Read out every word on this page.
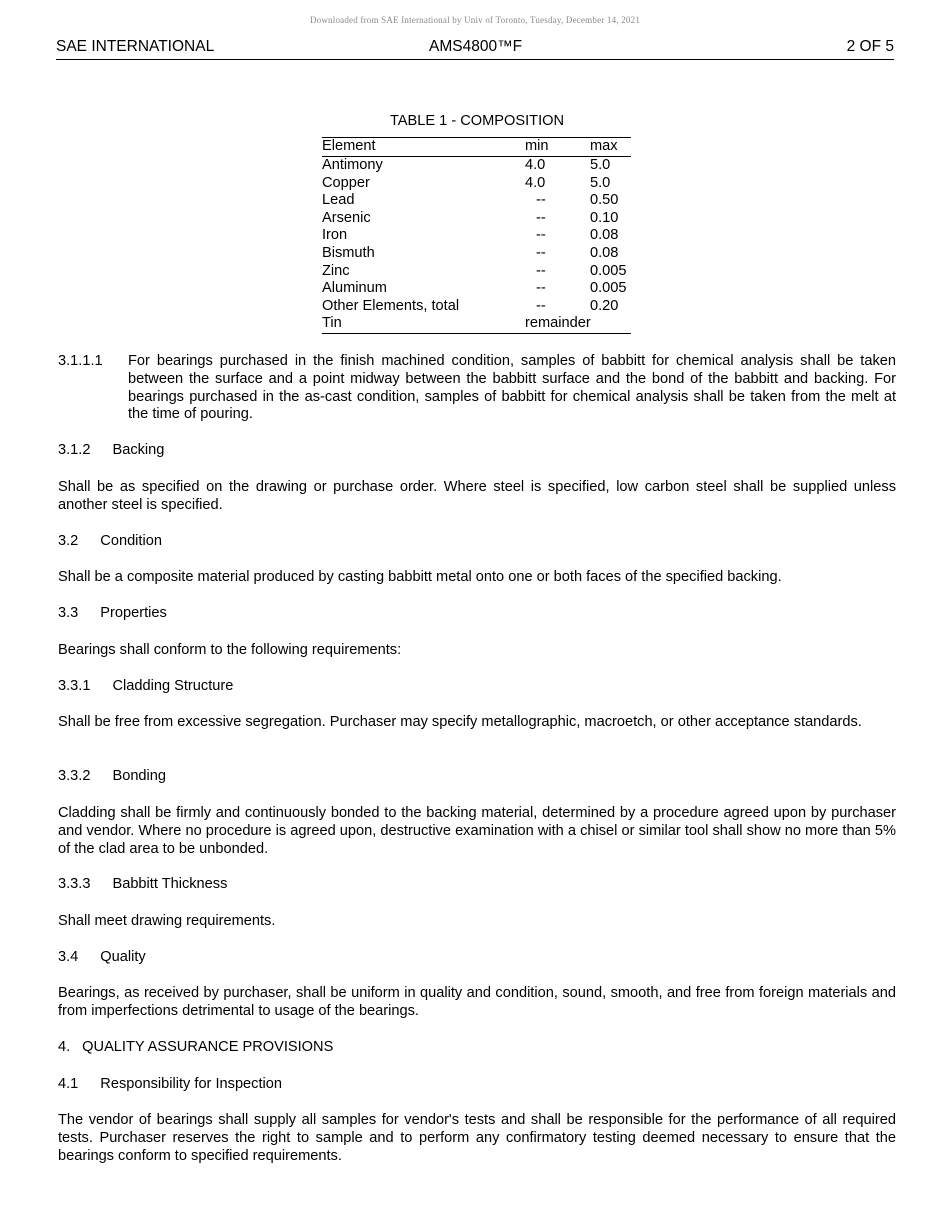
Downloaded from SAE International by Univ of Toronto, Tuesday, December 14, 2021
SAE INTERNATIONAL	AMS4800™F	2 OF 5
TABLE 1 - COMPOSITION
Element	min	max
Antimony	4.0	5.0
Copper	4.0	5.0
Lead	--	0.50
Arsenic	--	0.10
Iron	--	0.08
Bismuth	--	0.08
Zinc	--	0.005
Aluminum	--	0.005
Other Elements, total	--	0.20
Tin	remainder	
3.1.1.1 For bearings purchased in the finish machined condition, samples of babbitt for chemical analysis shall be taken between the surface and a point midway between the babbitt surface and the bond of the babbitt and backing. For bearings purchased in the as-cast condition, samples of babbitt for chemical analysis shall be taken from the melt at the time of pouring.
3.1.2 Backing
Shall be as specified on the drawing or purchase order. Where steel is specified, low carbon steel shall be supplied unless another steel is specified.
3.2 Condition
Shall be a composite material produced by casting babbitt metal onto one or both faces of the specified backing.
3.3 Properties
Bearings shall conform to the following requirements:
3.3.1 Cladding Structure
Shall be free from excessive segregation. Purchaser may specify metallographic, macroetch, or other acceptance standards.
3.3.2 Bonding
Cladding shall be firmly and continuously bonded to the backing material, determined by a procedure agreed upon by purchaser and vendor. Where no procedure is agreed upon, destructive examination with a chisel or similar tool shall show no more than 5% of the clad area to be unbonded.
3.3.3 Babbitt Thickness
Shall meet drawing requirements.
3.4 Quality
Bearings, as received by purchaser, shall be uniform in quality and condition, sound, smooth, and free from foreign materials and from imperfections detrimental to usage of the bearings.
4. QUALITY ASSURANCE PROVISIONS
4.1 Responsibility for Inspection
The vendor of bearings shall supply all samples for vendor's tests and shall be responsible for the performance of all required tests. Purchaser reserves the right to sample and to perform any confirmatory testing deemed necessary to ensure that the bearings conform to specified requirements.
